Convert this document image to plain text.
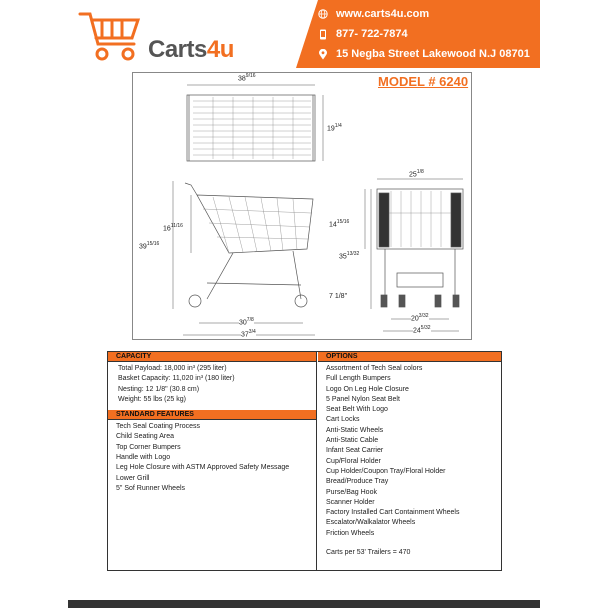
Carts4u
www.carts4u.com
877- 722-7874
15 Negba Street Lakewood N.J 08701
$38^{9/16}$
$19^{1/4}$
$25^{1/8}$
$16^{11/16}$
$39^{15/16}$
$14^{15/16}$
$35^{13/32}$
7 1/8"
$30^{7/8}$
$37^{3/4}$
$20^{3/32}$
$24^{5/32}$
MODEL # 6240
CAPACITY
Total Payload: 18,000 in³ (295 liter)
Basket Capacity: 11,020 in³ (180 liter)
Nesting: 12 1/8" (30.8 cm)
Weight: 55 lbs (25 kg)
STANDARD FEATURES
Tech Seal Coating Process
Child Seating Area
Top Corner Bumpers
Handle with Logo
Leg Hole Closure with ASTM Approved Safety Message
Lower Grill
5" Sof Runner Wheels
OPTIONS
Assortment of Tech Seal colors
Full Length Bumpers
Logo On Leg Hole Closure
5 Panel Nylon Seat Belt
Seat Belt With Logo
Cart Locks
Anti-Static Wheels
Anti-Static Cable
Infant Seat Carrier
Cup/Floral Holder
Cup Holder/Coupon Tray/Floral Holder
Bread/Produce Tray
Purse/Bag Hook
Scanner Holder
Factory Installed Cart Containment Wheels
Escalator/Walkalator Wheels
Friction Wheels
Carts per 53' Trailers = 470
